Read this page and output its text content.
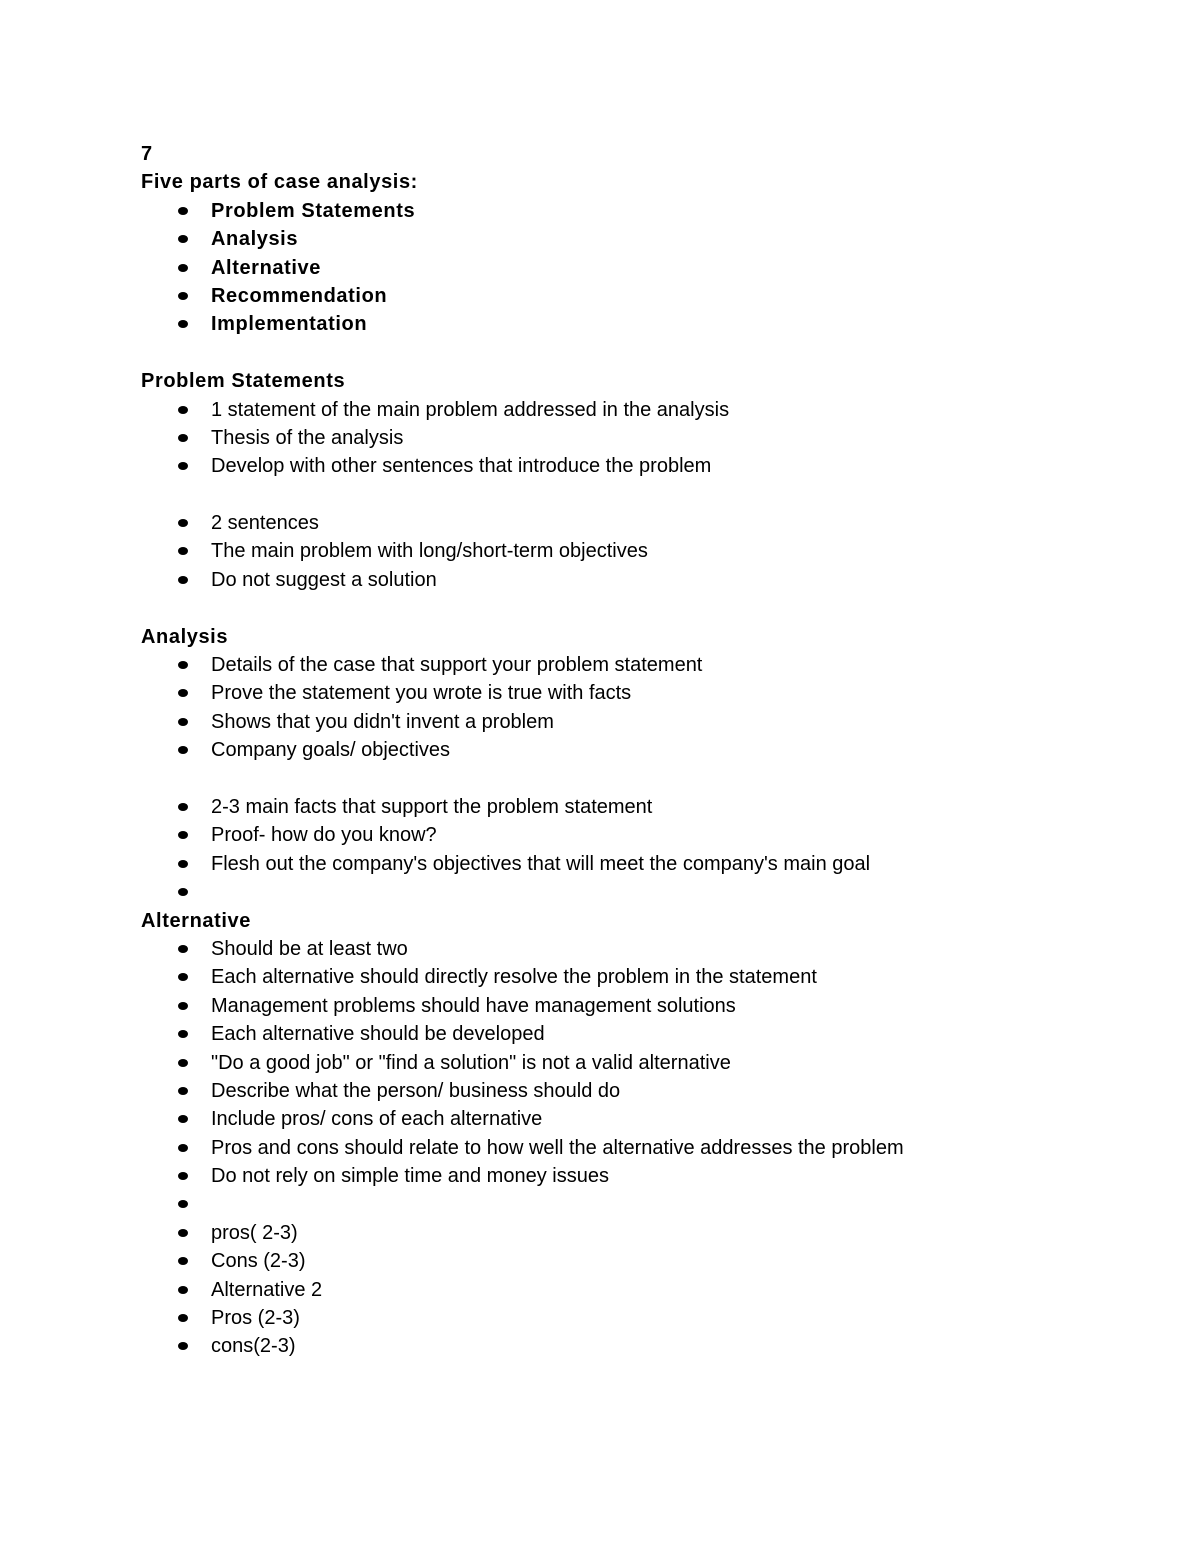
7
Five parts of case analysis:
Problem Statements
Analysis
Alternative
Recommendation
Implementation
Problem Statements
1 statement of the main problem addressed in the analysis
Thesis of the analysis
Develop with other sentences that introduce the problem
2 sentences
The main problem with long/short-term objectives
Do not suggest a solution
Analysis
Details of the case that support your problem statement
Prove the statement you wrote is true with facts
Shows that you didn't invent a problem
Company goals/ objectives
2-3 main facts that support the problem statement
Proof- how do you know?
Flesh out the company's objectives that will meet the company's main goal
Alternative
Should be at least two
Each alternative should directly resolve the problem in the statement
Management problems should have management solutions
Each alternative should be developed
"Do a good job" or "find a solution" is not a valid alternative
Describe what the person/ business should do
Include pros/ cons of each alternative
Pros and cons should relate to how well the alternative addresses the problem
Do not rely on simple time and money issues
pros( 2-3)
Cons (2-3)
Alternative 2
Pros (2-3)
cons(2-3)
